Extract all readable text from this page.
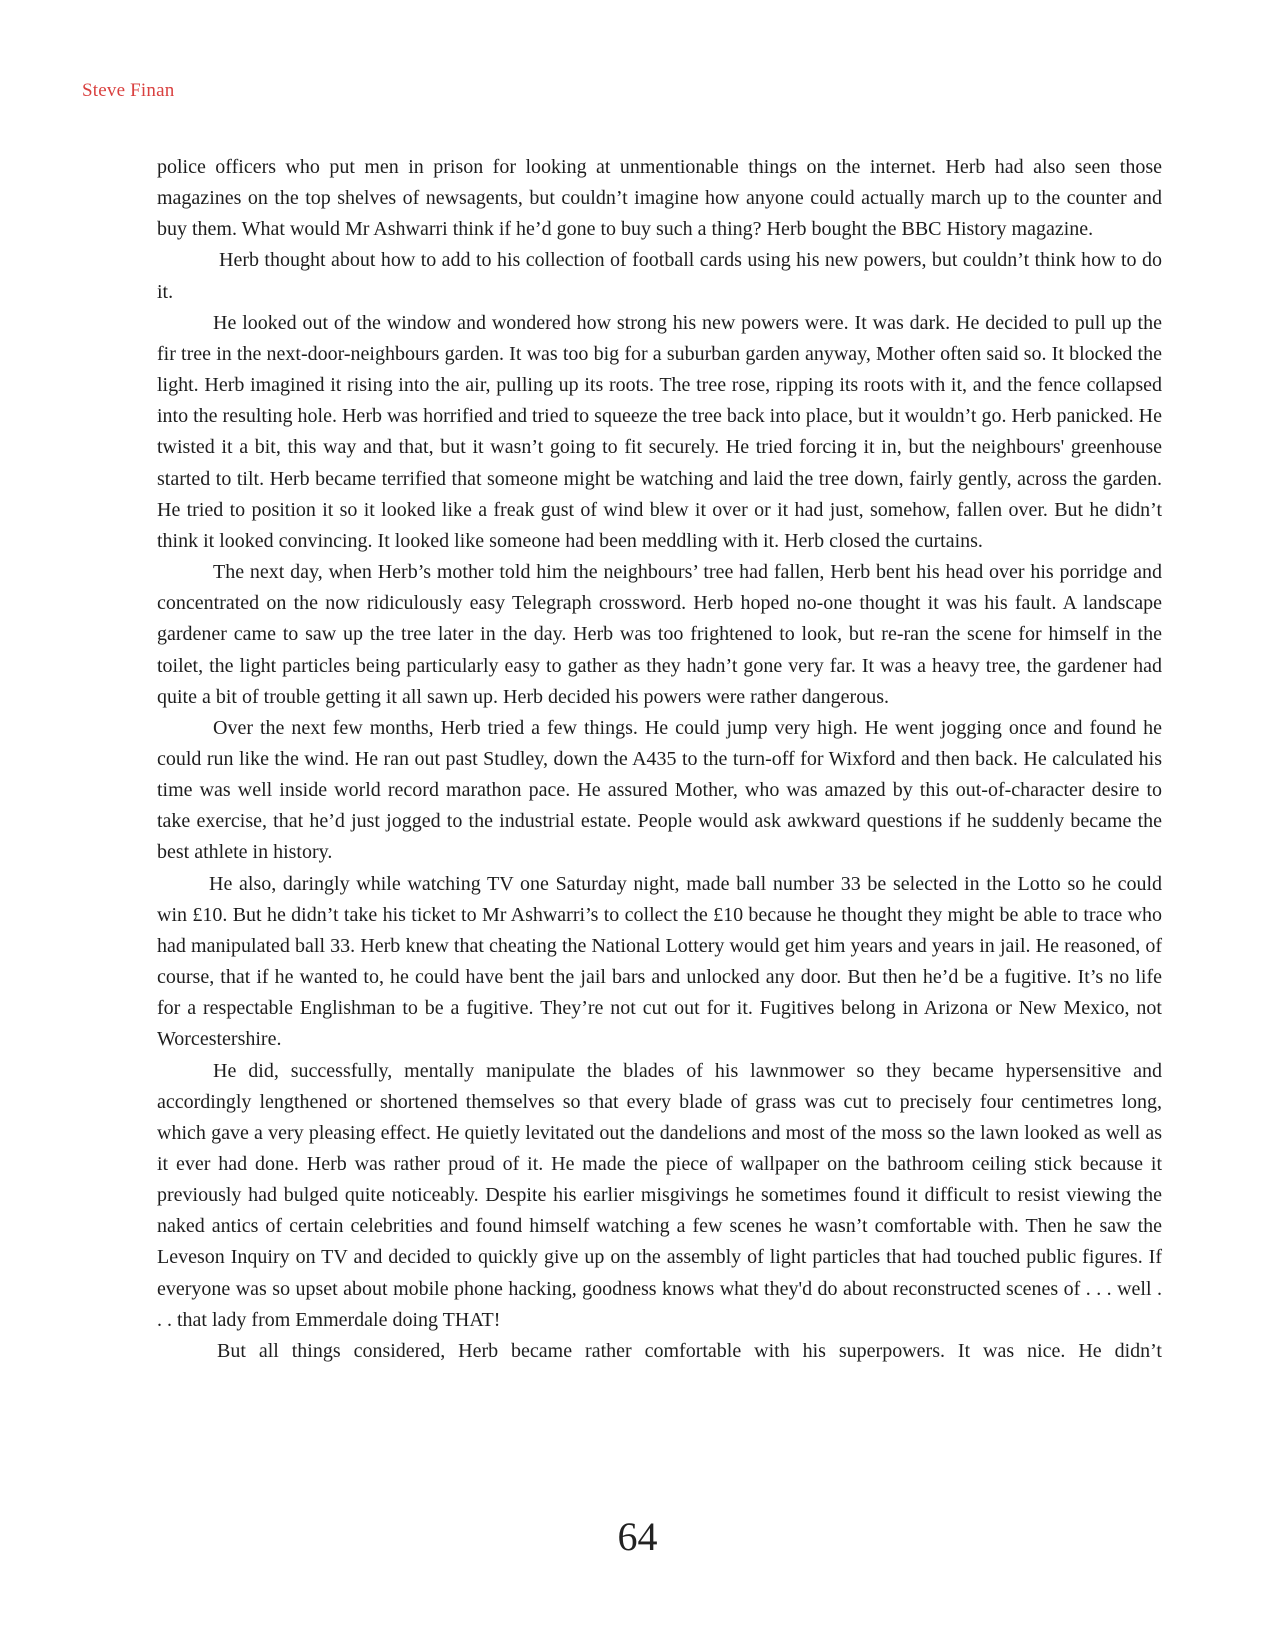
Steve Finan

police officers who put men in prison for looking at unmentionable things on the internet. Herb had also seen those magazines on the top shelves of newsagents, but couldn’t imagine how anyone could actually march up to the counter and buy them. What would Mr Ashwarri think if he’d gone to buy such a thing? Herb bought the BBC History magazine.

Herb thought about how to add to his collection of football cards using his new powers, but couldn’t think how to do it.

He looked out of the window and wondered how strong his new powers were. It was dark. He decided to pull up the fir tree in the next-door-neighbours garden. It was too big for a suburban garden anyway, Mother often said so. It blocked the light. Herb imagined it rising into the air, pulling up its roots. The tree rose, ripping its roots with it, and the fence collapsed into the resulting hole. Herb was horrified and tried to squeeze the tree back into place, but it wouldn’t go. Herb panicked. He twisted it a bit, this way and that, but it wasn’t going to fit securely. He tried forcing it in, but the neighbours' greenhouse started to tilt. Herb became terrified that someone might be watching and laid the tree down, fairly gently, across the garden. He tried to position it so it looked like a freak gust of wind blew it over or it had just, somehow, fallen over. But he didn’t think it looked convincing. It looked like someone had been meddling with it. Herb closed the curtains.

The next day, when Herb’s mother told him the neighbours’ tree had fallen, Herb bent his head over his porridge and concentrated on the now ridiculously easy Telegraph crossword. Herb hoped no-one thought it was his fault. A landscape gardener came to saw up the tree later in the day. Herb was too frightened to look, but re-ran the scene for himself in the toilet, the light particles being particularly easy to gather as they hadn’t gone very far. It was a heavy tree, the gardener had quite a bit of trouble getting it all sawn up. Herb decided his powers were rather dangerous.

Over the next few months, Herb tried a few things. He could jump very high. He went jogging once and found he could run like the wind. He ran out past Studley, down the A435 to the turn-off for Wixford and then back. He calculated his time was well inside world record marathon pace. He assured Mother, who was amazed by this out-of-character desire to take exercise, that he’d just jogged to the industrial estate. People would ask awkward questions if he suddenly became the best athlete in history.

He also, daringly while watching TV one Saturday night, made ball number 33 be selected in the Lotto so he could win £10. But he didn’t take his ticket to Mr Ashwarri’s to collect the £10 because he thought they might be able to trace who had manipulated ball 33. Herb knew that cheating the National Lottery would get him years and years in jail. He reasoned, of course, that if he wanted to, he could have bent the jail bars and unlocked any door. But then he’d be a fugitive. It’s no life for a respectable Englishman to be a fugitive. They’re not cut out for it. Fugitives belong in Arizona or New Mexico, not Worcestershire.

He did, successfully, mentally manipulate the blades of his lawnmower so they became hypersensitive and accordingly lengthened or shortened themselves so that every blade of grass was cut to precisely four centimetres long, which gave a very pleasing effect. He quietly levitated out the dandelions and most of the moss so the lawn looked as well as it ever had done. Herb was rather proud of it. He made the piece of wallpaper on the bathroom ceiling stick because it previously had bulged quite noticeably. Despite his earlier misgivings he sometimes found it difficult to resist viewing the naked antics of certain celebrities and found himself watching a few scenes he wasn’t comfortable with. Then he saw the Leveson Inquiry on TV and decided to quickly give up on the assembly of light particles that had touched public figures. If everyone was so upset about mobile phone hacking, goodness knows what they'd do about reconstructed scenes of . . . well . . . that lady from Emmerdale doing THAT!

But all things considered, Herb became rather comfortable with his superpowers. It was nice. He didn’t

64
